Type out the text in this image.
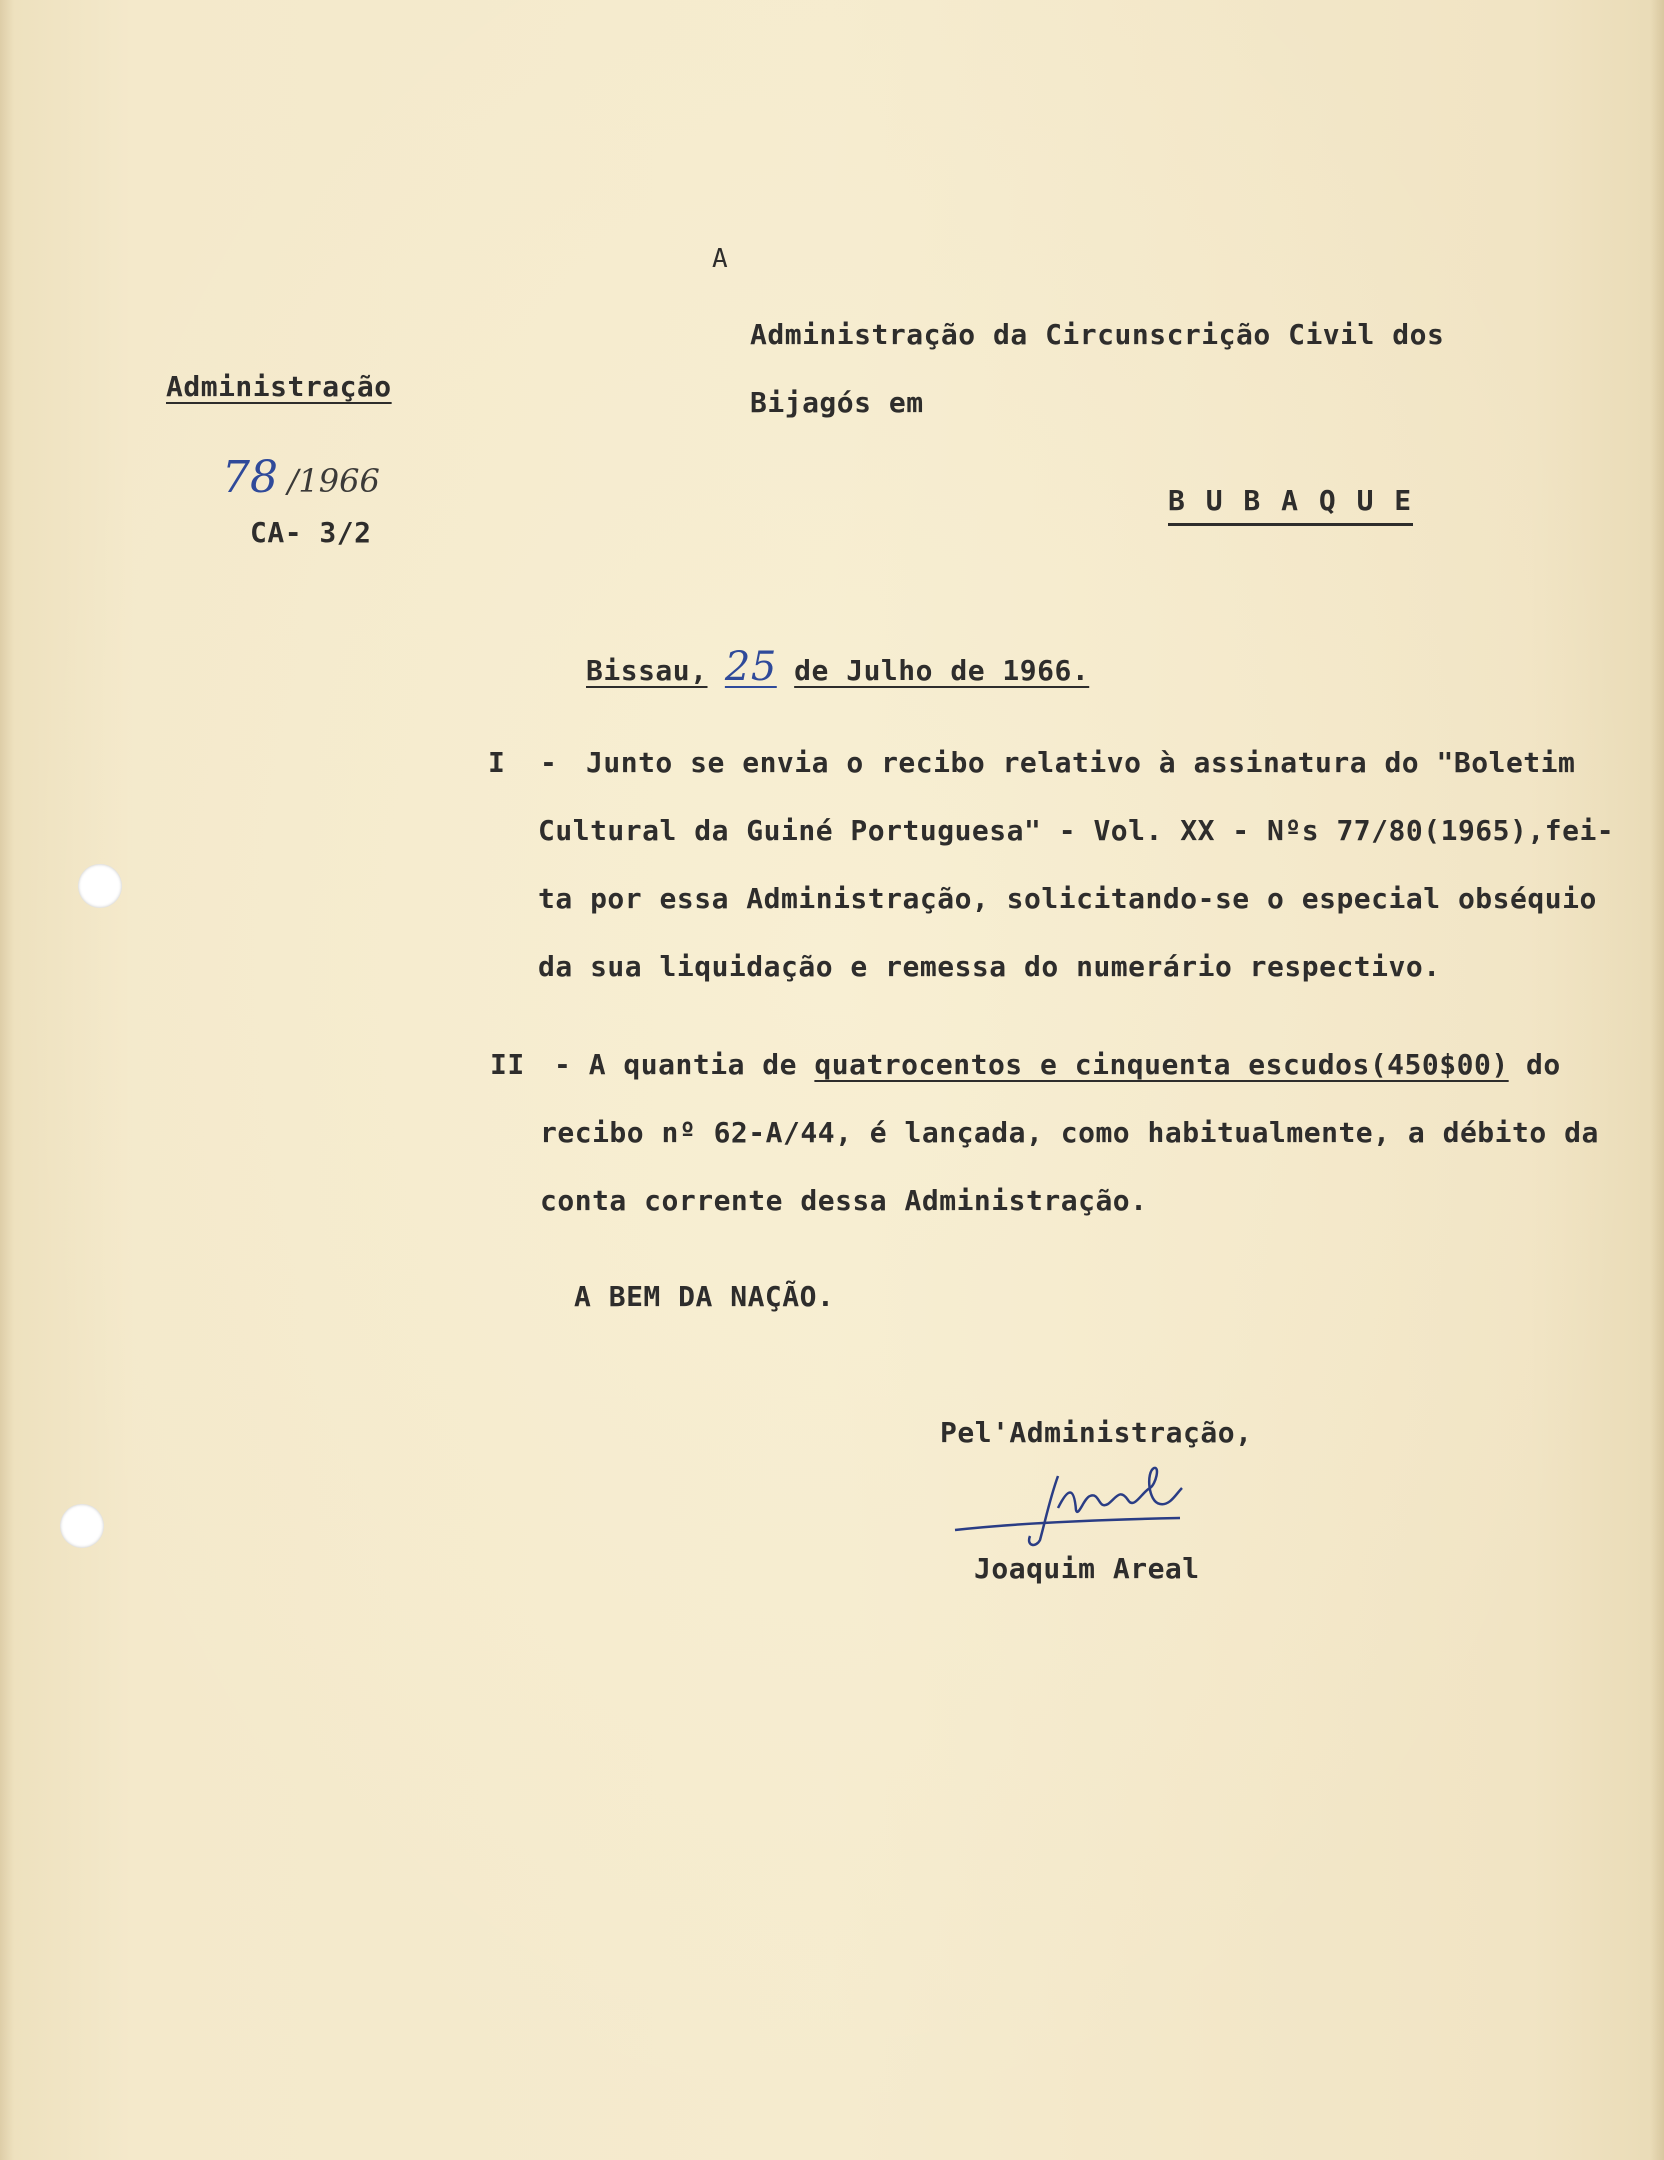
A
Administração da Circunscrição Civil dos
Bijagós em
B U B A Q U E
Administração
78 /1966
CA- 3/2
Bissau, 25 de Julho de 1966.
I - Junto se envia o recibo relativo à assinatura do "Boletim
Cultural da Guiné Portuguesa" - Vol. XX - Nºs 77/80(1965),fei-
ta por essa Administração, solicitando-se o especial obséquio
da sua liquidação e remessa do numerário respectivo.
II - A quantia de quatrocentos e cinquenta escudos(450$00) do
recibo nº 62-A/44, é lançada, como habitualmente, a débito da
conta corrente dessa Administração.
A BEM DA NAÇÃO.
Pel'Administração,
Joaquim Areal
